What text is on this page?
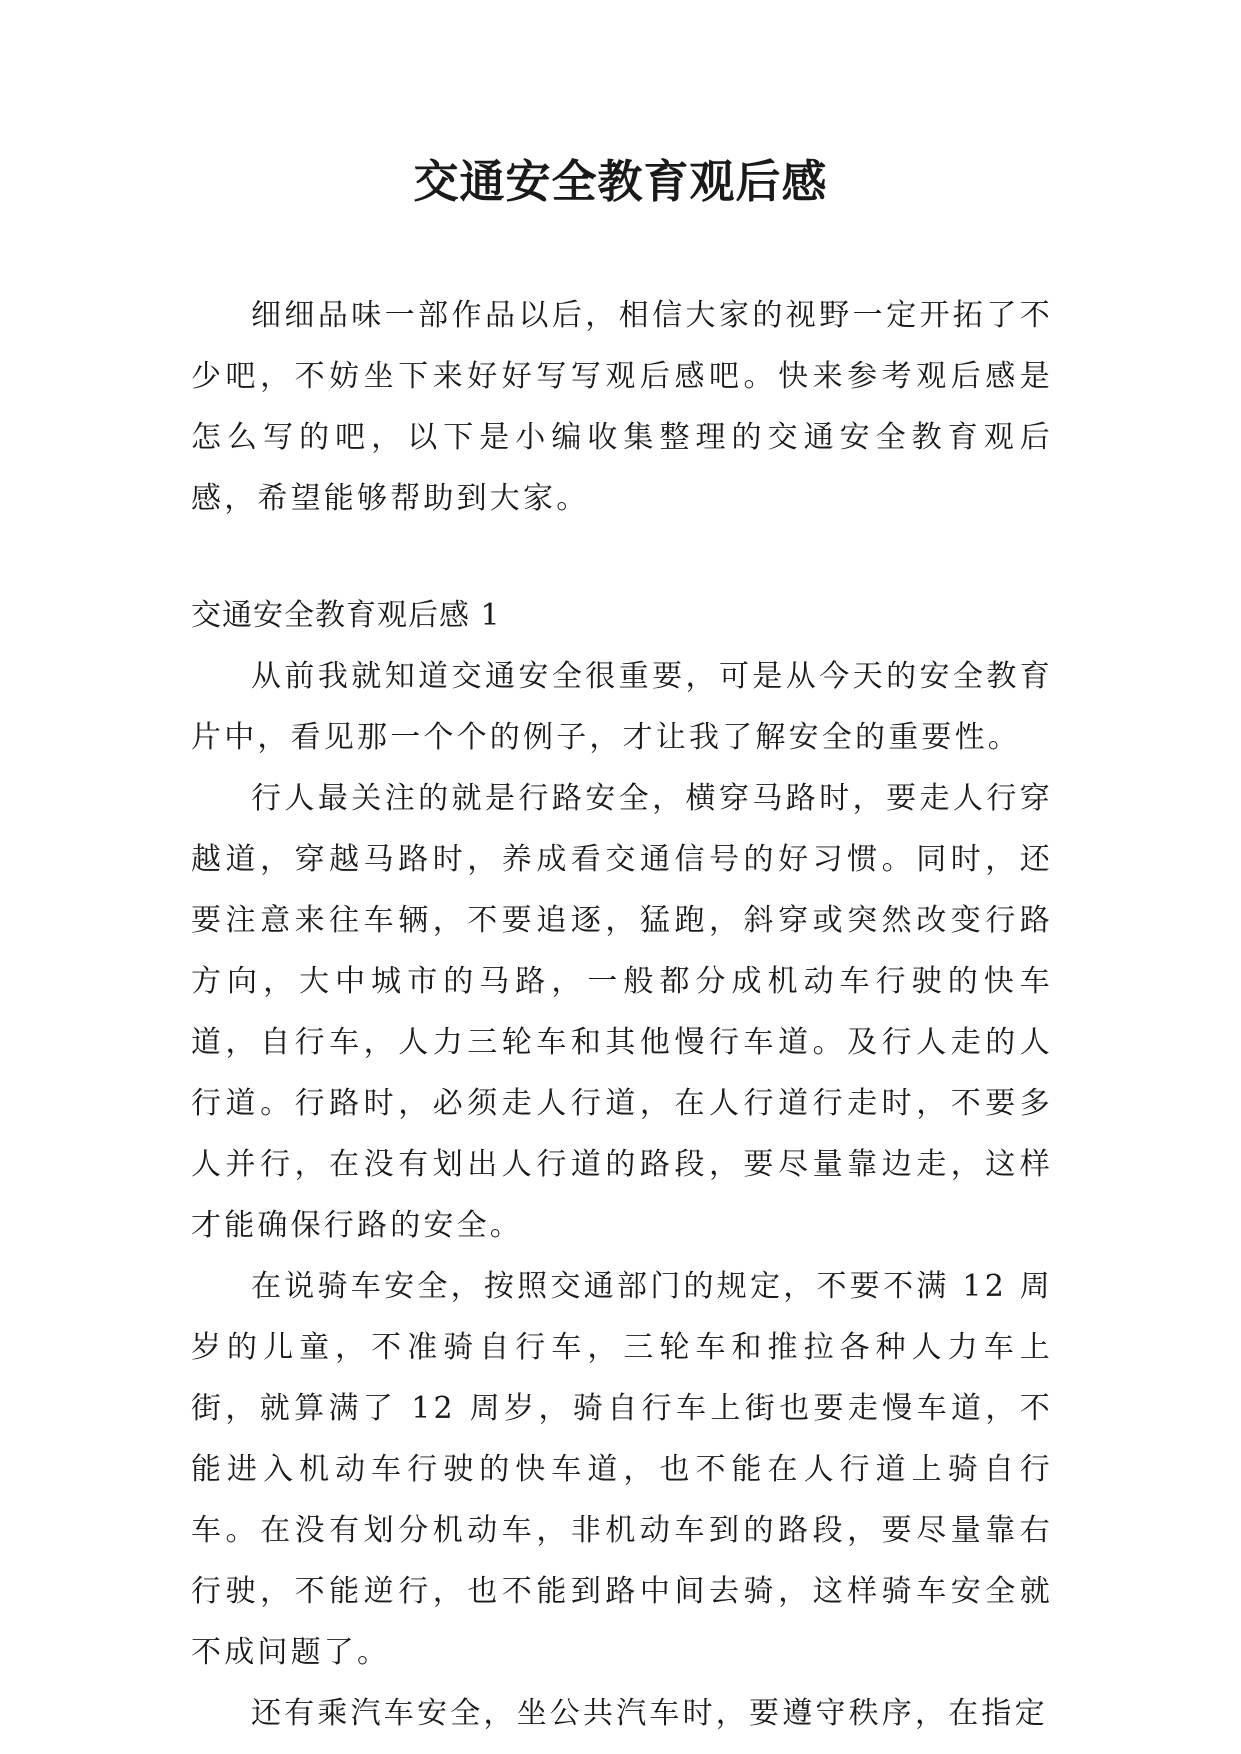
交通安全教育观后感

细细品味一部作品以后，相信大家的视野一定开拓了不少吧，不妨坐下来好好写写观后感吧。快来参考观后感是怎么写的吧，以下是小编收集整理的交通安全教育观后感，希望能够帮助到大家。

交通安全教育观后感 1

从前我就知道交通安全很重要，可是从今天的安全教育片中，看见那一个个的例子，才让我了解安全的重要性。

行人最关注的就是行路安全，横穿马路时，要走人行穿越道，穿越马路时，养成看交通信号的好习惯。同时，还要注意来往车辆，不要追逐，猛跑，斜穿或突然改变行路方向，大中城市的马路，一般都分成机动车行驶的快车道，自行车，人力三轮车和其他慢行车道。及行人走的人行道。行路时，必须走人行道，在人行道行走时，不要多人并行，在没有划出人行道的路段，要尽量靠边走，这样才能确保行路的安全。

在说骑车安全，按照交通部门的规定，不要不满 12 周岁的儿童，不准骑自行车，三轮车和推拉各种人力车上街，就算满了 12 周岁，骑自行车上街也要走慢车道，不能进入机动车行驶的快车道，也不能在人行道上骑自行车。在没有划分机动车，非机动车到的路段，要尽量靠右行驶，不能逆行，也不能到路中间去骑，这样骑车安全就不成问题了。

还有乘汽车安全，坐公共汽车时，要遵守秩序，在指定
